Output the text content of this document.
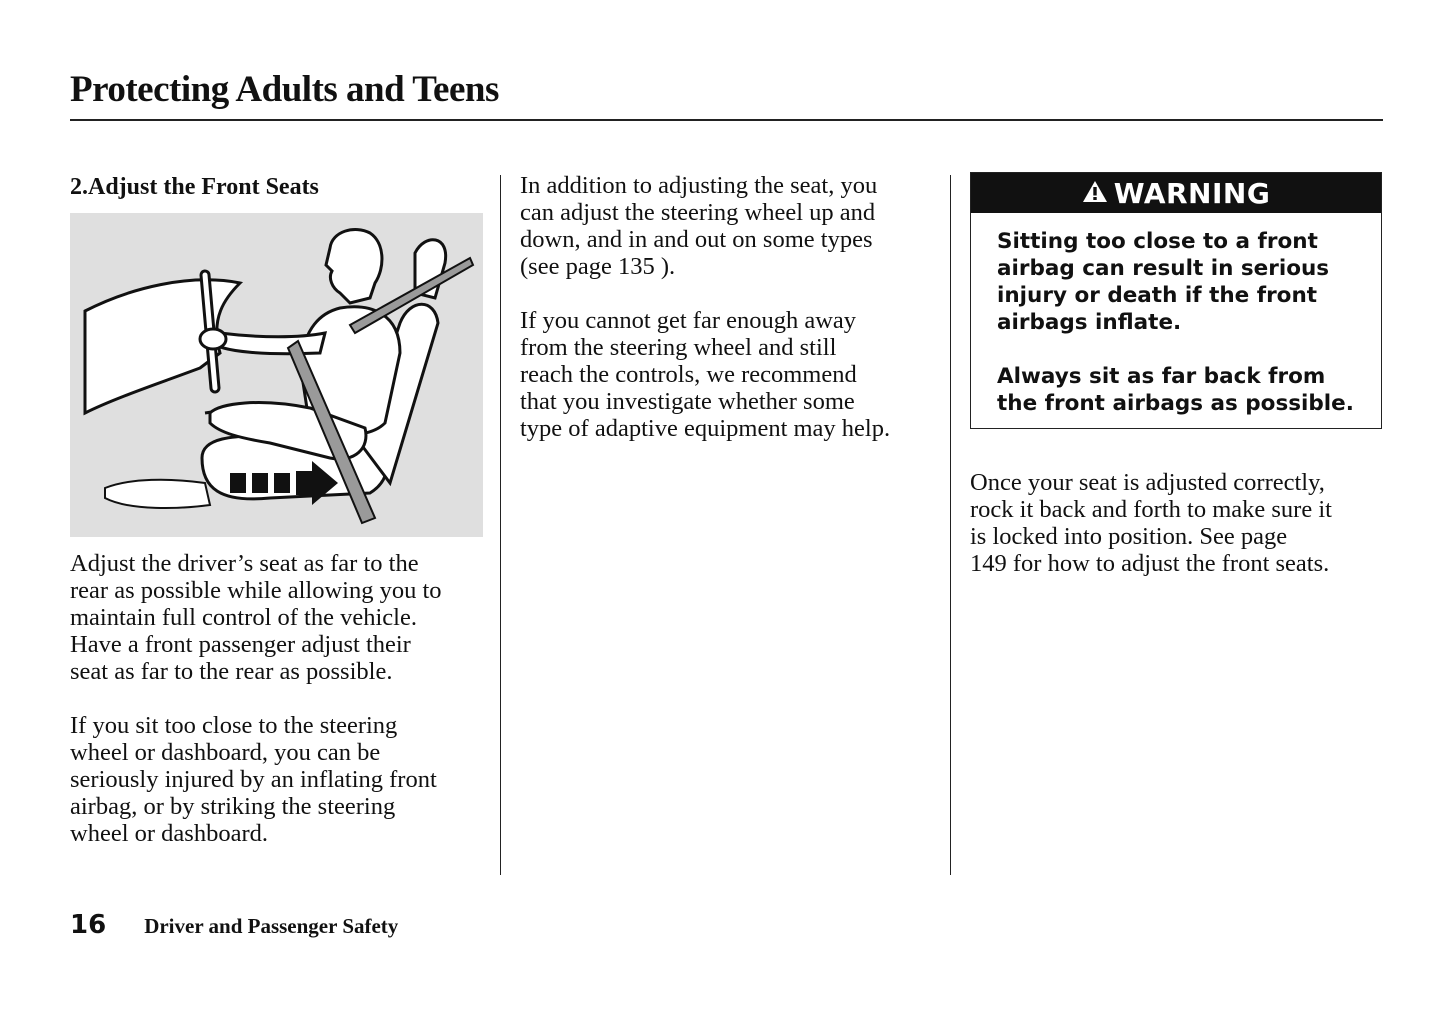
Protecting Adults and Teens
2.Adjust the Front Seats

Adjust the driver’s seat as far to the
rear as possible while allowing you to
maintain full control of the vehicle.
Have a front passenger adjust their
seat as far to the rear as possible.

If you sit too close to the steering
wheel or dashboard, you can be
seriously injured by an inflating front
airbag, or by striking the steering
wheel or dashboard.

In addition to adjusting the seat, you
can adjust the steering wheel up and
down, and in and out on some types
(see page 135 ).

If you cannot get far enough away
from the steering wheel and still
reach the controls, we recommend
that you investigate whether some
type of adaptive equipment may help.

WARNING

Sitting too close to a front
airbag can result in serious
injury or death if the front
airbags inflate.

Always sit as far back from
the front airbags as possible.

Once your seat is adjusted correctly,
rock it back and forth to make sure it
is locked into position. See page
149 for how to adjust the front seats.

16 Driver and Passenger Safety
